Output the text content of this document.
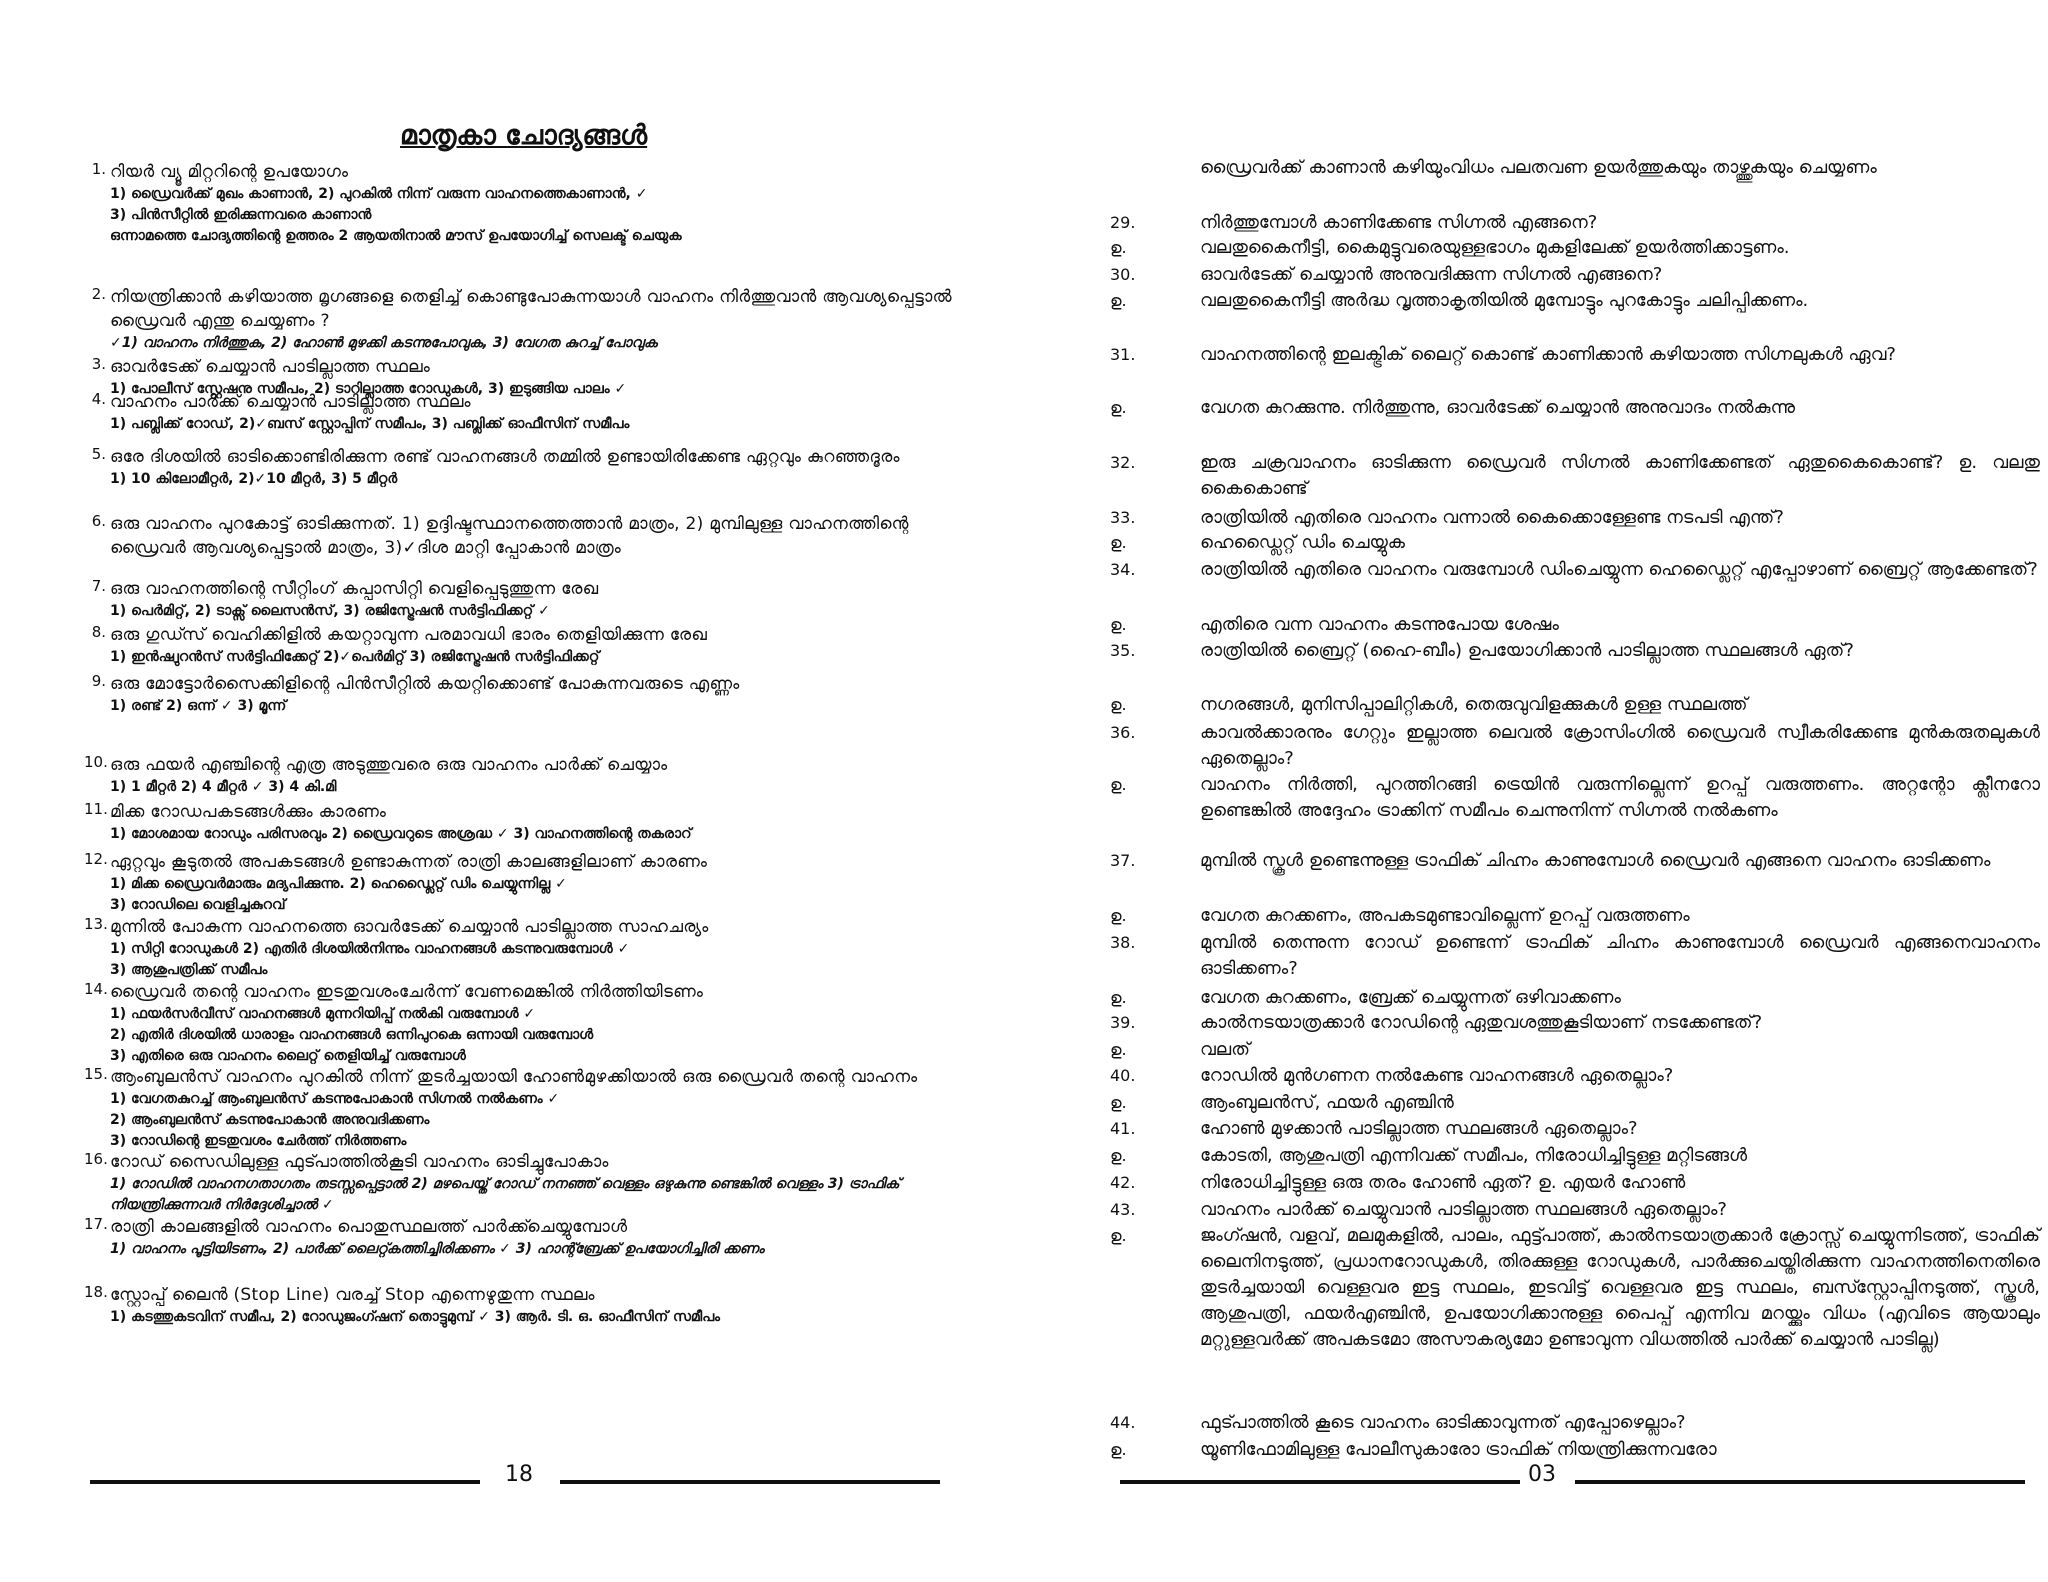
മാതൃകാ ചോദ്യങ്ങൾ
1. റിയർ വ്യൂ മിറ്ററിന്റെ ഉപയോഗം
1) ഡ്രൈവർക്ക് മുഖം കാണാൻ, 2) പുറകിൽ നിന്ന് വരുന്ന വാഹനത്തെകാണാൻ, ✓
3) പിൻസീറ്റിൽ ഇരിക്കുന്നവരെ കാണാൻ
ഒന്നാമത്തെ ചോദ്യത്തിന്റെ ഉത്തരം 2 ആയതിനാൽ മൗസ് ഉപയോഗിച്ച് സെലക്ട് ചെയുക
2. നിയന്ത്രിക്കാൻ കഴിയാത്ത മൃഗങ്ങളെ തെളിച്ച് കൊണ്ടുപോകുന്നയാൾ വാഹനം നിർത്തുവാൻ ആവശ്യപ്പെട്ടാൽ ഡ്രൈവർ എന്തു ചെയ്യണം ?
✓1) വാഹനം നിർത്തുക, 2) ഹോൺ മുഴക്കി കടന്നുപോവുക, 3) വേഗത കുറച്ച് പോവുക
3. ഓവർടേക്ക് ചെയ്യാൻ പാടില്ലാത്ത സ്ഥലം
1) പോലീസ് സ്റ്റേഷനു സമീപം, 2) ടാറില്ലാത്ത റോഡുകൾ, 3) ഇടുങ്ങിയ പാലം ✓
4. വാഹനം പാർക്ക് ചെയ്യാൻ പാടില്ലാത്ത സ്ഥലം
1) പബ്ലിക്ക് റോഡ്, 2)✓ബസ് സ്റ്റോപ്പിന് സമീപം, 3) പബ്ലിക്ക് ഓഫീസിന് സമീപം
5. ഒരേ ദിശയിൽ ഓടിക്കൊണ്ടിരിക്കുന്ന രണ്ട് വാഹനങ്ങൾ തമ്മിൽ ഉണ്ടായിരിക്കേണ്ട ഏറ്റവും കുറഞ്ഞദൂരം
1) 10 കിലോമീറ്റർ, 2)✓10 മീറ്റർ, 3) 5 മീറ്റർ
6. ഒരു വാഹനം പുറകോട്ട് ഓടിക്കുന്നത്. 1) ഉദ്ദിഷ്ടസ്ഥാനത്തെത്താൻ മാത്രം, 2) മുമ്പിലുള്ള വാഹനത്തിന്റെ ഡ്രൈവർ ആവശ്യപ്പെട്ടാൽ മാത്രം, 3)✓ദിശ മാറ്റി പ്പോകാൻ മാത്രം
7. ഒരു വാഹനത്തിന്റെ സീറ്റിംഗ് കപ്പാസിറ്റി വെളിപ്പെടുത്തുന്ന രേഖ
1) പെർമിറ്റ്, 2) ടാക്സ് ലൈസൻസ്, 3) രജിസ്ട്രേഷൻ സർട്ടിഫിക്കറ്റ് ✓
8. ഒരു ഗുഡ്സ് വെഹിക്കിളിൽ കയറ്റാവുന്ന പരമാവധി ഭാരം തെളിയിക്കുന്ന രേഖ
1) ഇൻഷ്വുറൻസ് സർട്ടിഫിക്കേറ്റ് 2)✓പെർമിറ്റ് 3) രജിസ്ട്രേഷൻ സർട്ടിഫിക്കറ്റ്
9. ഒരു മോട്ടോർസൈക്കിളിന്റെ പിൻസീറ്റിൽ കയറ്റിക്കൊണ്ട് പോകുന്നവരുടെ എണ്ണം
1) രണ്ട് 2) ഒന്ന് ✓ 3) മൂന്ന്
10. ഒരു ഫയർ എഞ്ചിന്റെ എത്ര അടുത്തുവരെ ഒരു വാഹനം പാർക്ക് ചെയ്യാം
1) 1 മീറ്റർ 2) 4 മീറ്റർ ✓ 3) 4 കി.മി
11. മിക്ക റോഡപകടങ്ങൾക്കും കാരണം
1) മോശമായ റോഡും പരിസരവും 2) ഡ്രൈവറുടെ അശ്രദ്ധ ✓ 3) വാഹനത്തിന്റെ തകരാറ്
12. ഏറ്റവും കൂടുതൽ അപകടങ്ങൾ ഉണ്ടാകുന്നത് രാത്രി കാലങ്ങളിലാണ് കാരണം
1) മിക്ക ഡ്രൈവർമാരും മദ്യപിക്കുന്നു. 2) ഹെഡ്ലൈറ്റ് ഡിം ചെയ്യുന്നില്ല ✓
3) റോഡിലെ വെളിച്ചകുറവ്
13. മുന്നിൽ പോകുന്ന വാഹനത്തെ ഓവർടേക്ക് ചെയ്യാൻ പാടില്ലാത്ത സാഹചര്യം
1) സിറ്റി റോഡുകൾ 2) എതിർ ദിശയിൽനിന്നും വാഹനങ്ങൾ കടന്നുവരുമ്പോൾ ✓
3) ആശുപത്രിക്ക് സമീപം
14. ഡ്രൈവർ തന്റെ വാഹനം ഇടതുവശംചേർന്ന് വേണമെങ്കിൽ നിർത്തിയിടണം
1) ഫയർസർവീസ് വാഹനങ്ങൾ മുന്നറിയിപ്പ് നൽകി വരുമ്പോൾ ✓
2) എതിർ ദിശയിൽ ധാരാളം വാഹനങ്ങൾ ഒന്നിപുറകെ ഒന്നായി വരുമ്പോൾ
3) എതിരെ ഒരു വാഹനം ലൈറ്റ് തെളിയിച്ച് വരുമ്പോൾ
15. ആംബുലൻസ് വാഹനം പുറകിൽ നിന്ന് തുടർച്ചയായി ഹോൺമുഴക്കിയാൽ ഒരു ഡ്രൈവർ തന്റെ വാഹനം
1) വേഗതകുറച്ച് ആംബുലൻസ് കടന്നുപോകാൻ സിഗ്നൽ നൽകണം ✓
2) ആംബുലൻസ് കടന്നുപോകാൻ അനുവദിക്കണം
3) റോഡിന്റെ ഇടതുവശം ചേർത്ത് നിർത്തണം
16. റോഡ് സൈഡിലുള്ള ഫുട്പാത്തിൽകൂടി വാഹനം ഓടിച്ചുപോകാം
1) റോഡിൽ വാഹനഗതാഗതം തടസ്സപ്പെട്ടാൽ 2) മഴപെയ്ത് റോഡ് നനഞ്ഞ് വെള്ളം ഒഴുകുന്നു ണ്ടെങ്കിൽ വെള്ളം 3) ട്രാഫിക് നിയന്ത്രിക്കുന്നവർ നിർദ്ദേശിച്ചാൽ ✓
17. രാത്രി കാലങ്ങളിൽ വാഹനം പൊതുസ്ഥലത്ത് പാർക്ക്ചെയ്യുമ്പോൾ
1) വാഹനം പൂട്ടിയിടണം, 2) പാർക്ക് ലൈറ്റ്കത്തിച്ചിരിക്കണം ✓ 3) ഹാന്റ്ബ്രേക്ക് ഉപയോഗിച്ചിരി ക്കണം
18. സ്റ്റോപ്പ് ലൈൻ (Stop Line) വരച്ച് Stop എന്നെഴുതുന്ന സ്ഥലം
1) കടത്തുകടവിന് സമീപ, 2) റോഡുജംഗ്ഷന് തൊട്ടുമുമ്പ് ✓ 3) ആർ. ടി. ഒ. ഓഫീസിന് സമീപം
18
ഡ്രൈവർക്ക് കാണാൻ കഴിയുംവിധം പലതവണ ഉയർത്തുകയും താഴ്ത്തുകയും ചെയ്യണം
29.	നിർത്തുമ്പോൾ കാണിക്കേണ്ട സിഗ്നൽ എങ്ങനെ?
ഉ.	വലതുകൈനീട്ടി, കൈമുട്ടുവരെയുള്ളഭാഗം മുകളിലേക്ക് ഉയർത്തിക്കാട്ടണം.
30.	ഓവർടേക്ക് ചെയ്യാൻ അനുവദിക്കുന്ന സിഗ്നൽ എങ്ങനെ?
ഉ.	വലതുകൈനീട്ടി അർദ്ധ വൃത്താകൃതിയിൽ മുമ്പോട്ടും പുറകോട്ടും ചലിപ്പിക്കണം.
31.	വാഹനത്തിന്റെ ഇലക്ട്രിക് ലൈറ്റ് കൊണ്ട് കാണിക്കാൻ കഴിയാത്ത സിഗ്നലുകൾ ഏവ?
ഉ.	വേഗത കുറക്കുന്നു. നിർത്തുന്നു, ഓവർടേക്ക് ചെയ്യാൻ അനുവാദം നൽകുന്നു
32.	ഇരു ചക്രവാഹനം ഓടിക്കുന്ന ഡ്രൈവർ സിഗ്നൽ കാണിക്കേണ്ടത് ഏതുകൈകൊണ്ട്? ഉ. വലതു കൈകൊണ്ട്
33.	രാത്രിയിൽ എതിരെ വാഹനം വന്നാൽ കൈക്കൊള്ളേണ്ട നടപടി എന്ത്?
ഉ.	ഹെഡ്ലൈറ്റ് ഡിം ചെയ്യുക
34.	രാത്രിയിൽ എതിരെ വാഹനം വരുമ്പോൾ ഡിംചെയ്യുന്ന ഹെഡ്ലൈറ്റ് എപ്പോഴാണ് ബ്രൈറ്റ് ആക്കേണ്ടത്?
ഉ.	എതിരെ വന്ന വാഹനം കടന്നുപോയ ശേഷം
35.	രാത്രിയിൽ ബ്രൈറ്റ് (ഹൈ-ബീം) ഉപയോഗിക്കാൻ പാടില്ലാത്ത സ്ഥലങ്ങൾ ഏത്?
ഉ.	നഗരങ്ങൾ, മുനിസിപ്പാലിറ്റികൾ, തെരുവുവിളക്കുകൾ ഉള്ള സ്ഥലത്ത്
36.	കാവൽക്കാരനും ഗേറ്റും ഇല്ലാത്ത ലെവൽ ക്രോസിംഗിൽ ഡ്രൈവർ സ്വീകരിക്കേണ്ട മുൻകരുതലുകൾ ഏതെല്ലാം?
ഉ.	വാഹനം നിർത്തി, പുറത്തിറങ്ങി ട്രെയിൻ വരുന്നില്ലെന്ന് ഉറപ്പ് വരുത്തണം. അറ്റന്റോ ക്ലീനറോ ഉണ്ടെങ്കിൽ അദ്ദേഹം ട്രാക്കിന് സമീപം ചെന്നുനിന്ന് സിഗ്നൽ നൽകണം
37.	മുമ്പിൽ സ്കൂൾ ഉണ്ടെന്നുള്ള ട്രാഫിക് ചിഹ്നം കാണുമ്പോൾ ഡ്രൈവർ എങ്ങനെ വാഹനം ഓടിക്കണം
ഉ.	വേഗത കുറക്കണം, അപകടമുണ്ടാവില്ലെന്ന് ഉറപ്പ് വരുത്തണം
38.	മുമ്പിൽ തെന്നുന്ന റോഡ് ഉണ്ടെന്ന് ട്രാഫിക് ചിഹ്നം കാണുമ്പോൾ ഡ്രൈവർ എങ്ങനെവാഹനം ഓടിക്കണം?
ഉ.	വേഗത കുറക്കണം, ബ്രേക്ക് ചെയ്യുന്നത് ഒഴിവാക്കണം
39.	കാൽനടയാത്രക്കാർ റോഡിന്റെ ഏതുവശത്തുകൂടിയാണ് നടക്കേണ്ടത്?
ഉ.	വലത്
40.	റോഡിൽ മുൻഗണന നൽകേണ്ട വാഹനങ്ങൾ ഏതെല്ലാം?
ഉ.	ആംബുലൻസ്, ഫയർ എഞ്ചിൻ
41.	ഹോൺ മുഴക്കാൻ പാടില്ലാത്ത സ്ഥലങ്ങൾ ഏതെല്ലാം?
ഉ.	കോടതി, ആശുപത്രി എന്നിവക്ക് സമീപം, നിരോധിച്ചിട്ടുള്ള മറ്റിടങ്ങൾ
42.	നിരോധിച്ചിട്ടുള്ള ഒരു തരം ഹോൺ ഏത്? ഉ. എയർ ഹോൺ
43.	വാഹനം പാർക്ക് ചെയ്യുവാൻ പാടില്ലാത്ത സ്ഥലങ്ങൾ ഏതെല്ലാം?
ഉ.	ജംഗ്ഷൻ, വളവ്, മലമുകളിൽ, പാലം, ഫുട്ട്പാത്ത്, കാൽനടയാത്രക്കാർ ക്രോസ്സ് ചെയ്യുന്നിടത്ത്, ട്രാഫിക് ലൈനിനടുത്ത്, പ്രധാനറോഡുകൾ, തിരക്കുള്ള റോഡുകൾ, പാർക്കുചെയ്തിരിക്കുന്ന വാഹനത്തിനെതിരെ തുടർച്ചയായി വെള്ളവര ഇട്ട സ്ഥലം, ഇടവിട്ട് വെള്ളവര ഇട്ട സ്ഥലം, ബസ്സ്റ്റോപ്പിനടുത്ത്, സ്കൂൾ, ആശുപത്രി, ഫയർഎഞ്ചിൻ, ഉപയോഗിക്കാനുള്ള പൈപ്പ് എന്നിവ മറയ്ക്കും വിധം (എവിടെ ആയാലും മറ്റുള്ളവർക്ക് അപകടമോ അസൗകര്യമോ ഉണ്ടാവുന്ന വിധത്തിൽ പാർക്ക് ചെയ്യാൻ പാടില്ല)
44.	ഫുട്പാത്തിൽ കൂടെ വാഹനം ഓടിക്കാവുന്നത് എപ്പോഴെല്ലാം?
ഉ.	യൂണിഫോമിലുള്ള പോലീസുകാരോ ട്രാഫിക് നിയന്ത്രിക്കുന്നവരോ
03
